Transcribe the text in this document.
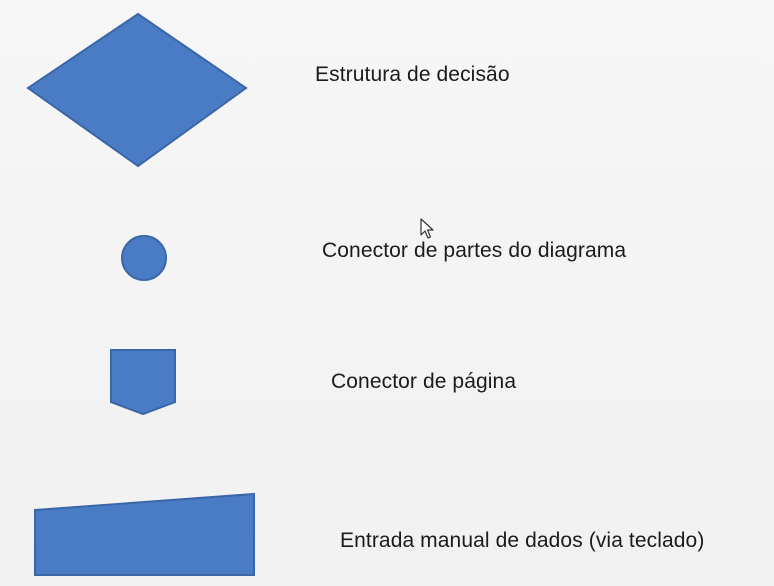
Estrutura de decisão
Conector de partes do diagrama
Conector de página
Entrada manual de dados (via teclado)
